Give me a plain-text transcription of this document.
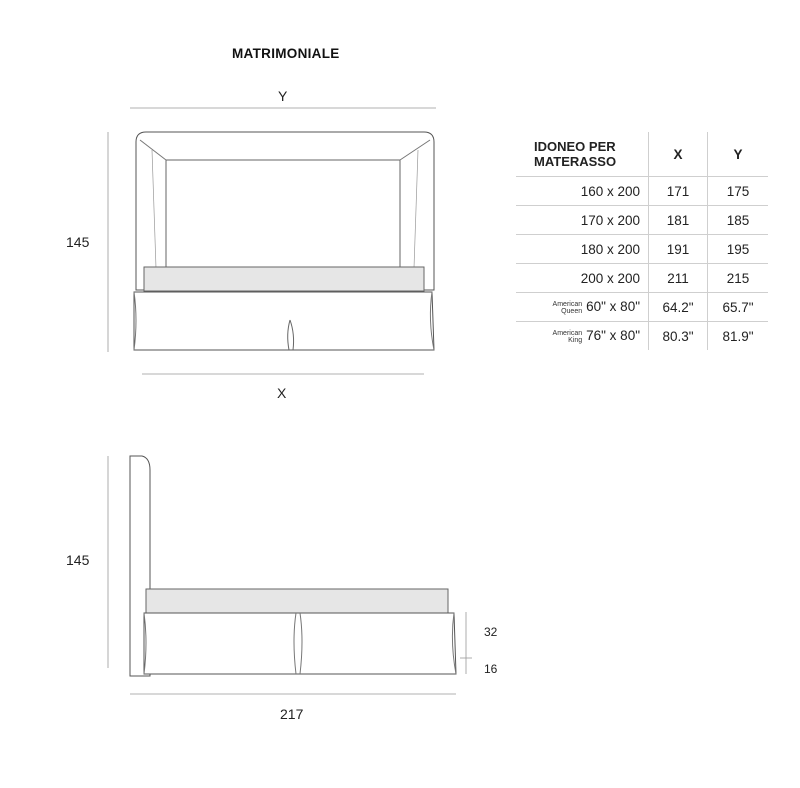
MATRIMONIALE
Y
145
X
145
217
32
16
IDONEO PER
MATERASSO	X	Y
160 x 200	171	175
170 x 200	181	185
180 x 200	191	195
200 x 200	211	215

American
Queen 60" x 80"	64.2"	65.7"

American
King 76" x 80"	80.3"	81.9"
